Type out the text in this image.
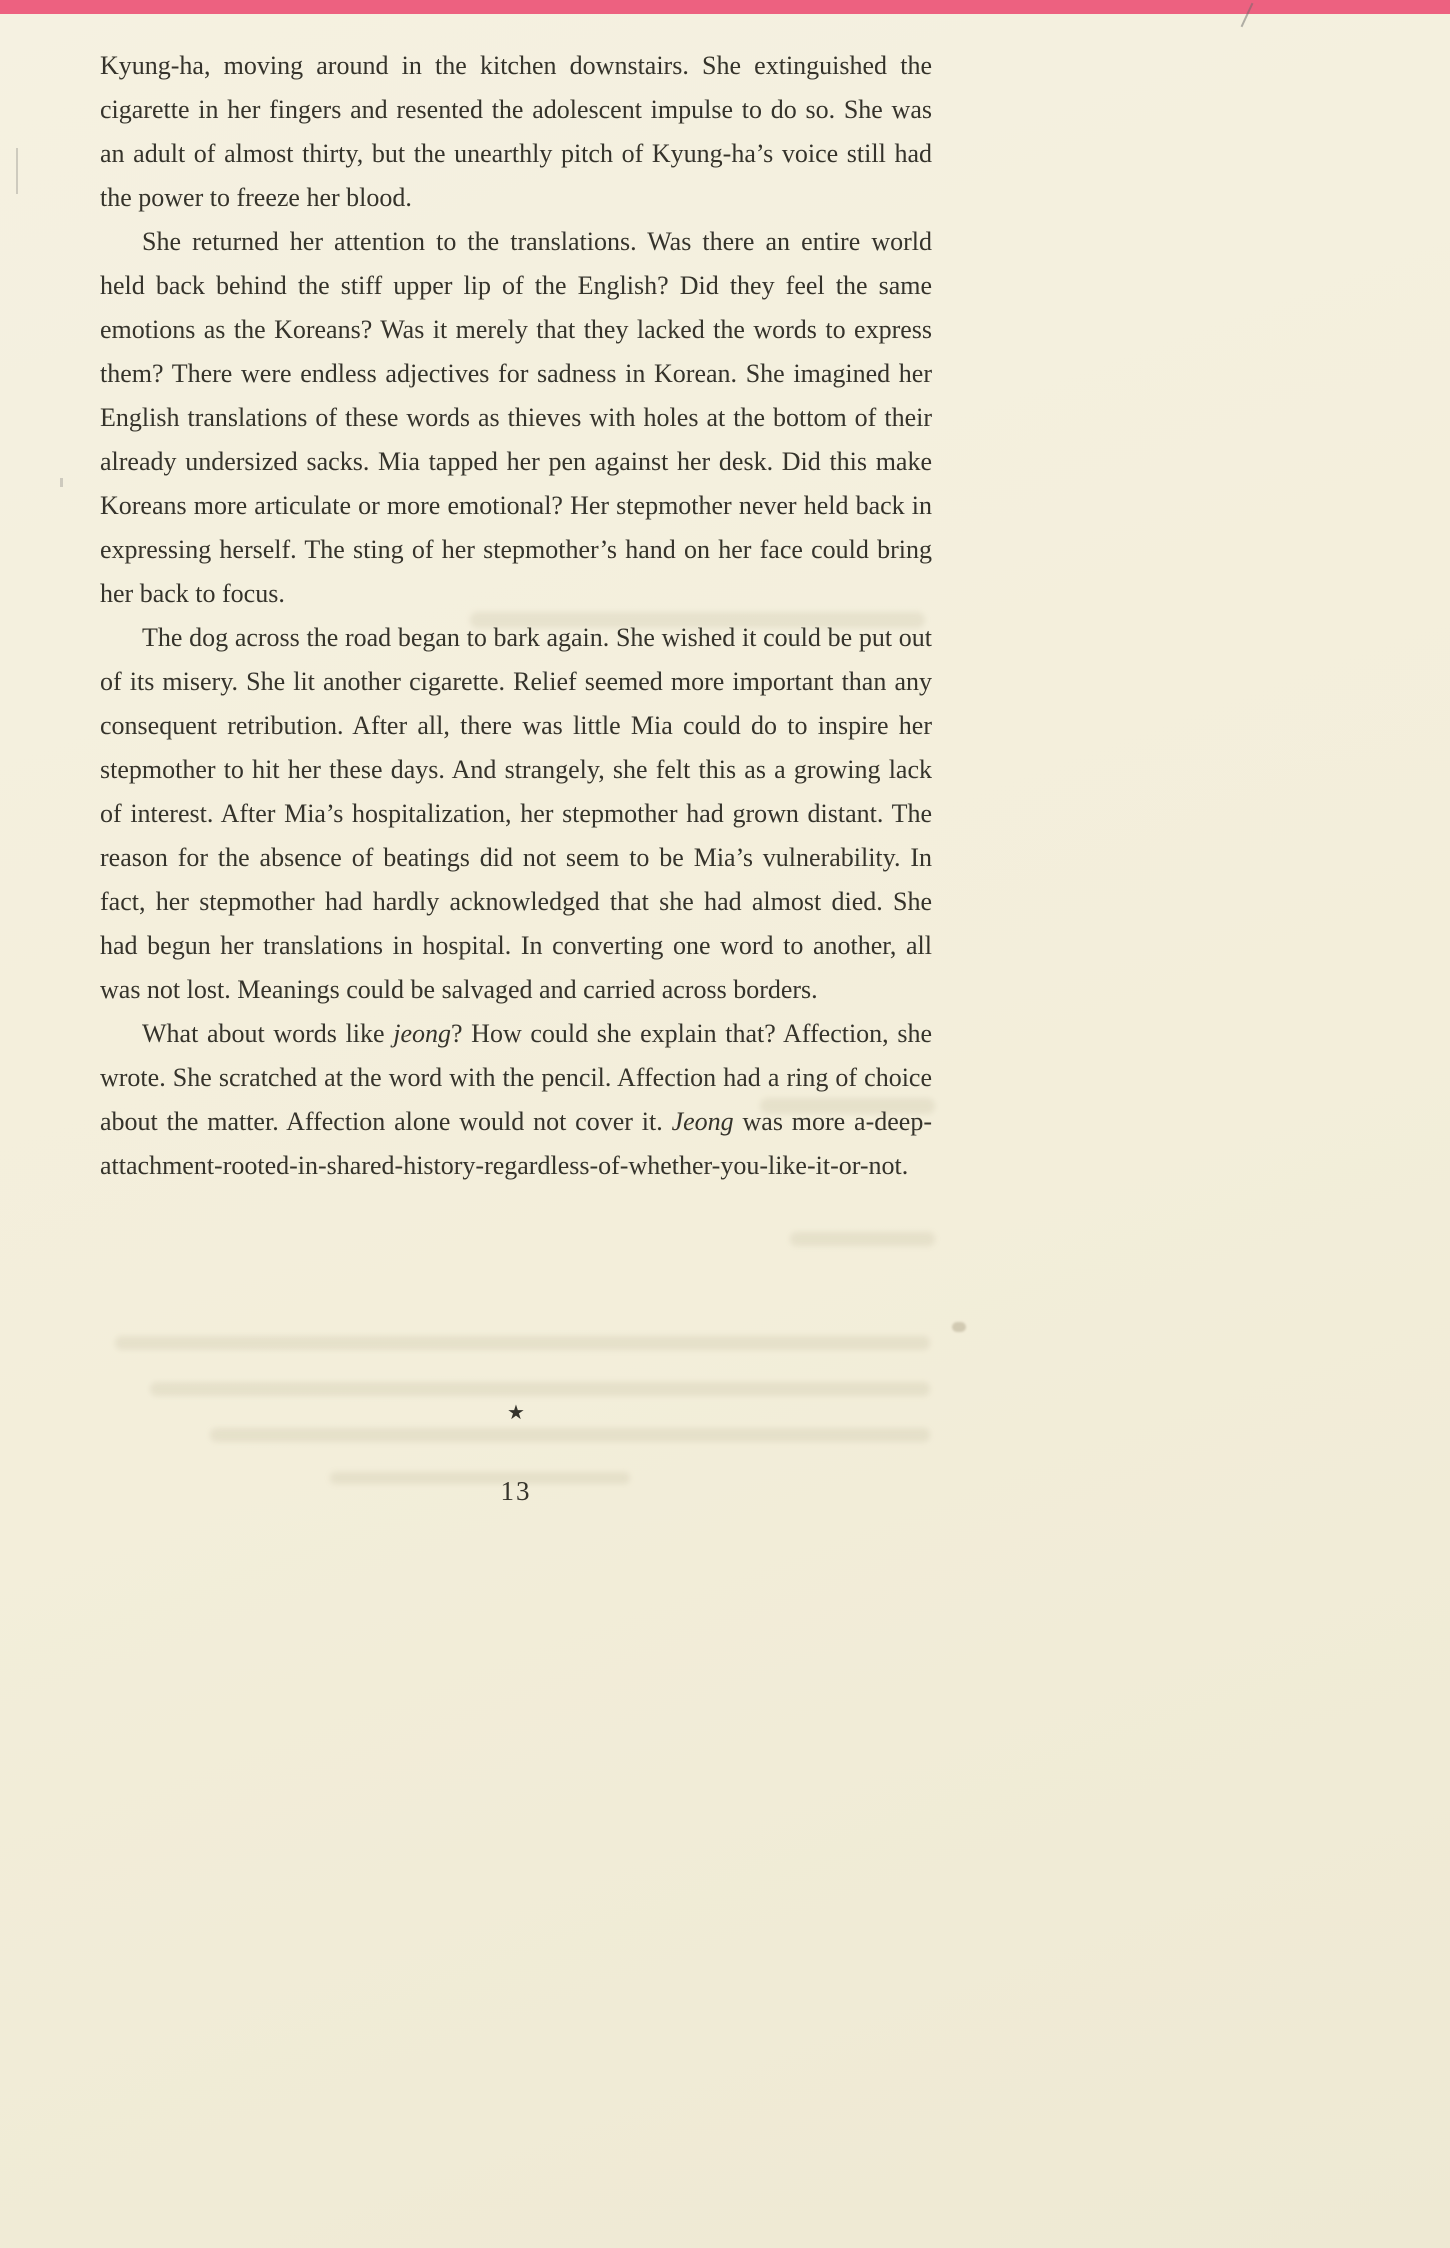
Kyung-ha, moving around in the kitchen downstairs. She extinguished the cigarette in her fingers and resented the adolescent impulse to do so. She was an adult of almost thirty, but the unearthly pitch of Kyung-ha’s voice still had the power to freeze her blood.

She returned her attention to the translations. Was there an entire world held back behind the stiff upper lip of the English? Did they feel the same emotions as the Koreans? Was it merely that they lacked the words to express them? There were endless adjectives for sadness in Korean. She imagined her English translations of these words as thieves with holes at the bottom of their already undersized sacks. Mia tapped her pen against her desk. Did this make Koreans more articulate or more emotional? Her stepmother never held back in expressing herself. The sting of her stepmother’s hand on her face could bring her back to focus.

The dog across the road began to bark again. She wished it could be put out of its misery. She lit another cigarette. Relief seemed more important than any consequent retribution. After all, there was little Mia could do to inspire her stepmother to hit her these days. And strangely, she felt this as a growing lack of interest. After Mia’s hospitalization, her stepmother had grown distant. The reason for the absence of beatings did not seem to be Mia’s vulnerability. In fact, her stepmother had hardly acknowledged that she had almost died. She had begun her translations in hospital. In converting one word to another, all was not lost. Meanings could be salvaged and carried across borders.

What about words like jeong? How could she explain that? Affection, she wrote. She scratched at the word with the pencil. Affection had a ring of choice about the matter. Affection alone would not cover it. Jeong was more a-deep-attachment-rooted-in-shared-history-regardless-of-whether-you-like-it-or-not.

★
13
